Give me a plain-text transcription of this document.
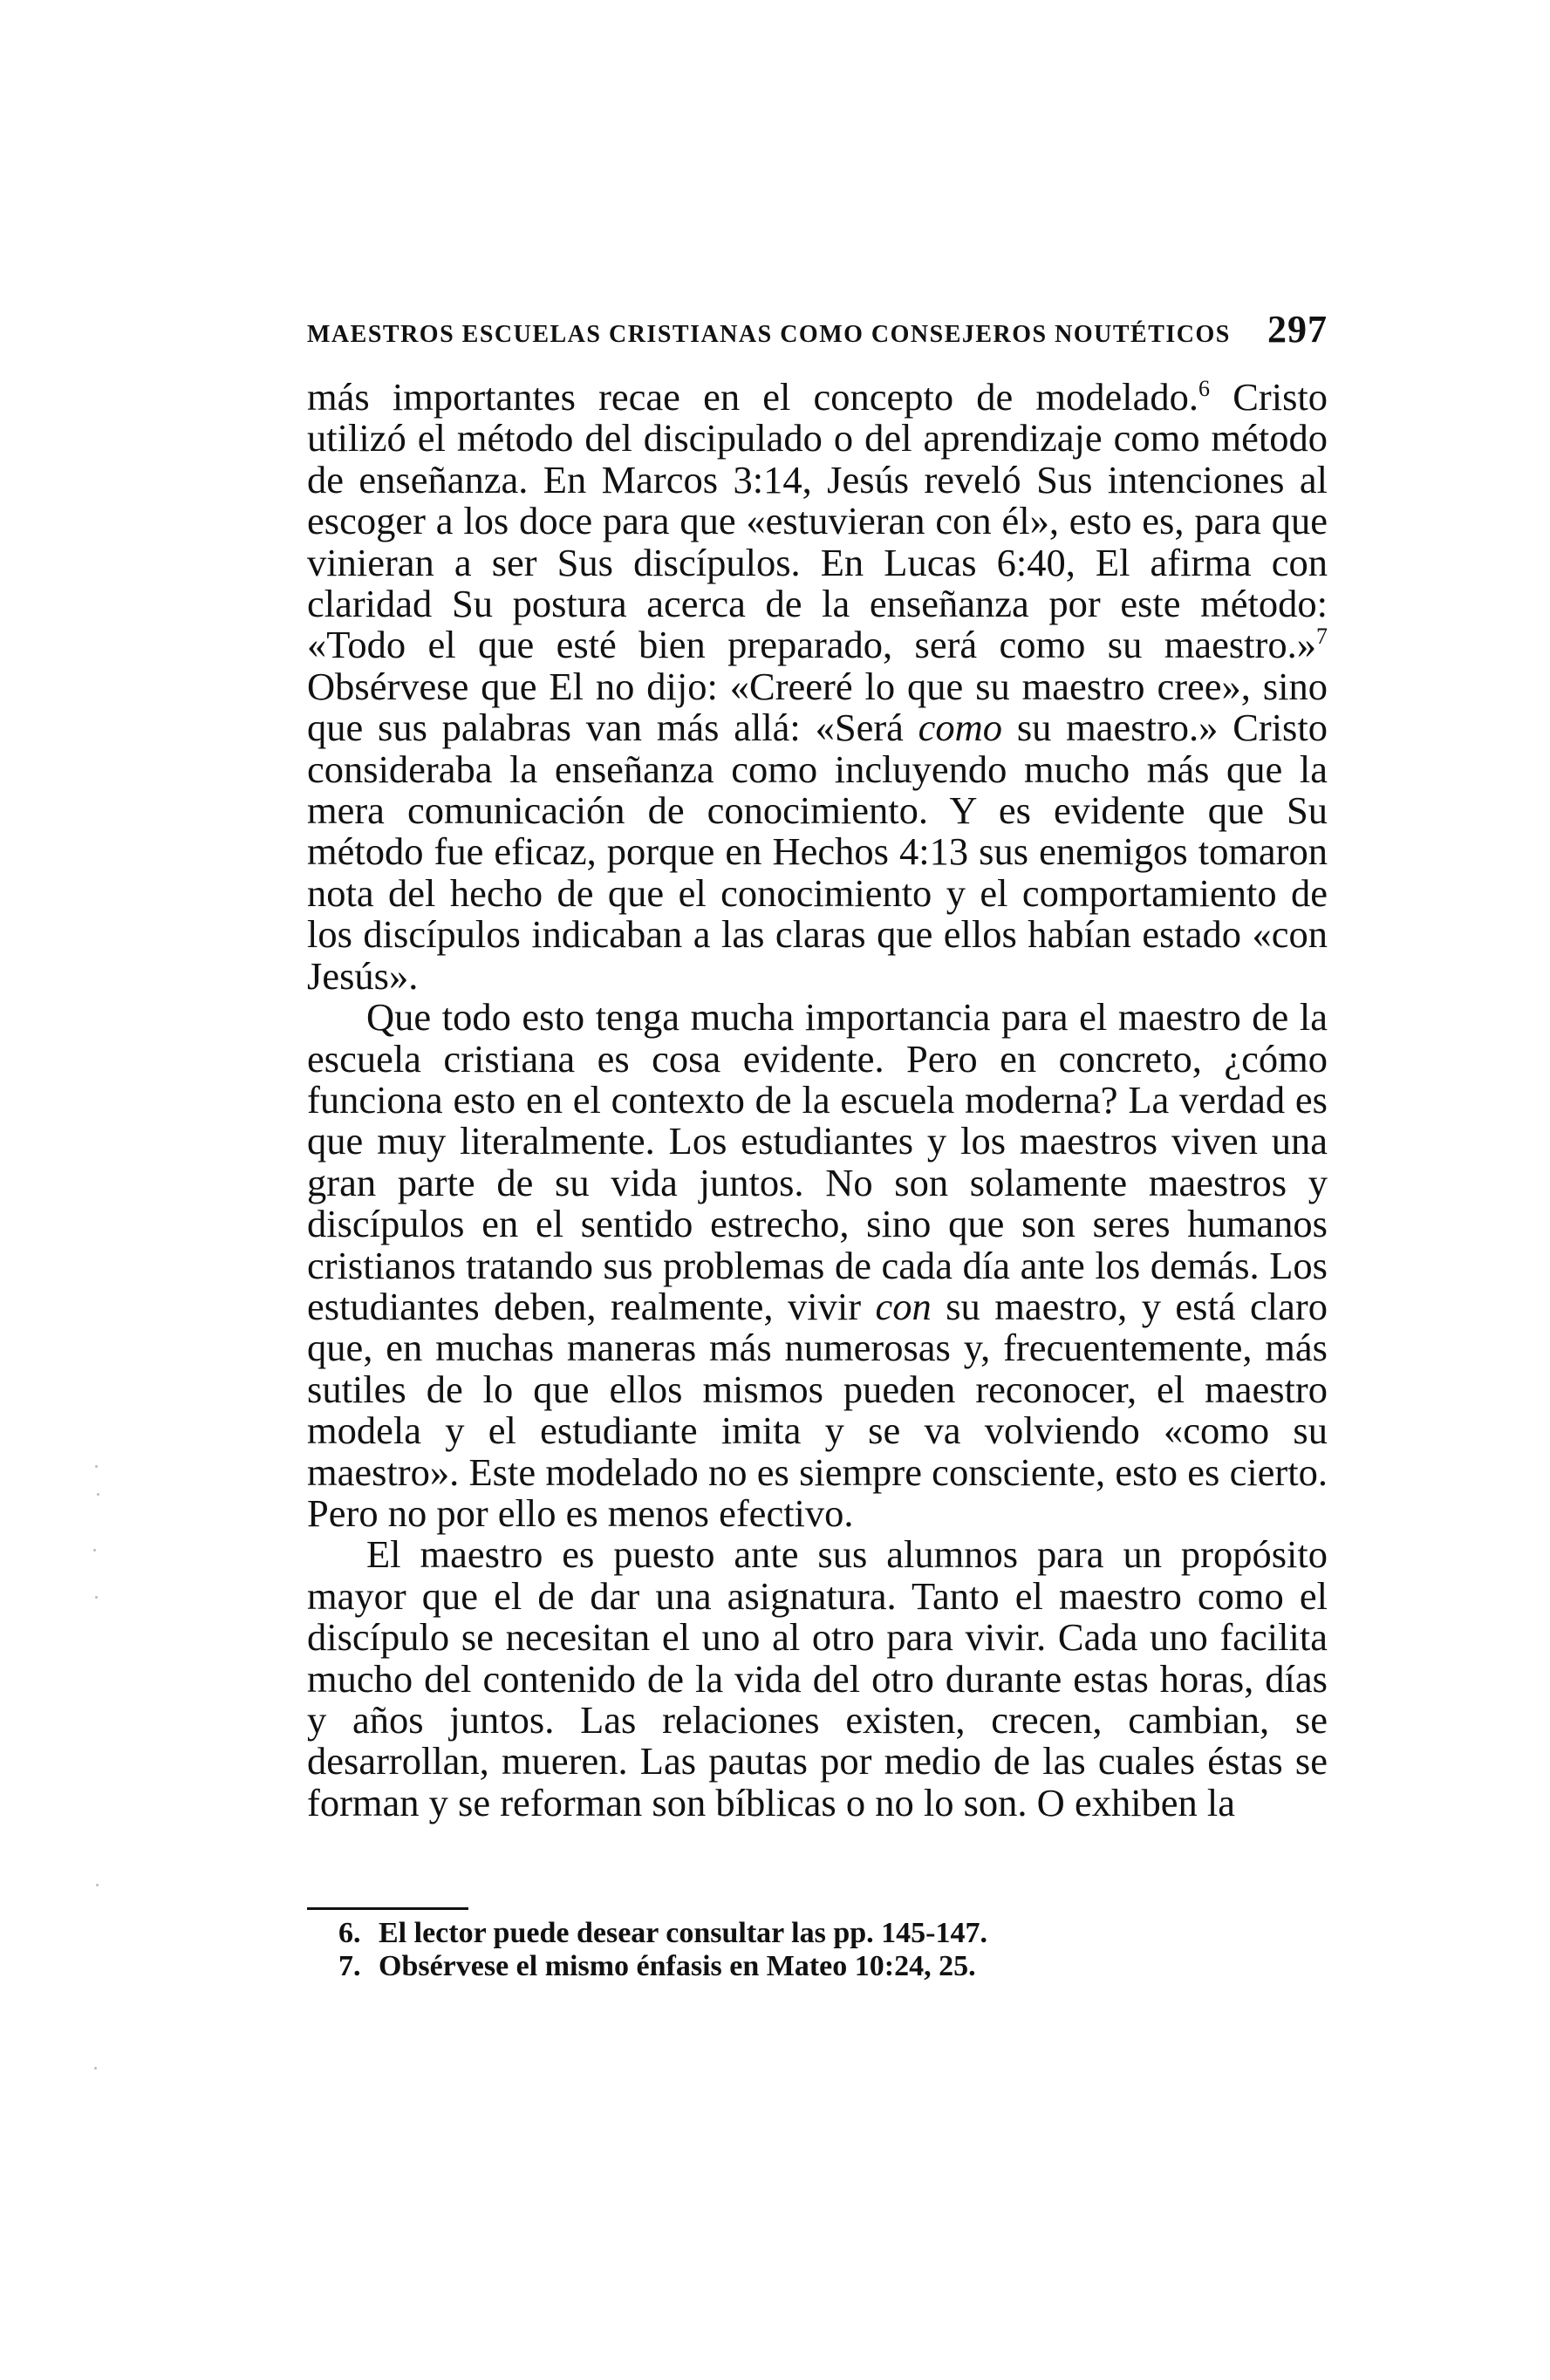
MAESTROS ESCUELAS CRISTIANAS COMO CONSEJEROS NOUTÉTICOS 297

más importantes recae en el concepto de modelado.$^6$ Cristo utilizó el método del discipulado o del aprendizaje como método de enseñanza. En Marcos 3:14, Jesús reveló Sus intenciones al escoger a los doce para que «estuvieran con él», esto es, para que vinieran a ser Sus discípulos. En Lucas 6:40, El afirma con claridad Su postura acerca de la enseñanza por este método: «Todo el que esté bien preparado, será como su maestro.»$^7$ Obsérvese que El no dijo: «Creeré lo que su maestro cree», sino que sus palabras van más allá: «Será como su maestro.» Cristo consideraba la enseñanza como incluyendo mucho más que la mera comunicación de conocimiento. Y es evidente que Su método fue eficaz, porque en Hechos 4:13 sus enemigos tomaron nota del hecho de que el conocimiento y el comportamiento de los discípulos indicaban a las claras que ellos habían estado «con Jesús».

Que todo esto tenga mucha importancia para el maestro de la escuela cristiana es cosa evidente. Pero en concreto, ¿cómo funciona esto en el contexto de la escuela moderna? La verdad es que muy literalmente. Los estudiantes y los maestros viven una gran parte de su vida juntos. No son solamente maestros y discípulos en el sentido estrecho, sino que son seres humanos cristianos tratando sus problemas de cada día ante los demás. Los estudiantes deben, realmente, vivir con su maestro, y está claro que, en muchas maneras más numerosas y, frecuentemente, más sutiles de lo que ellos mismos pueden reconocer, el maestro modela y el estudiante imita y se va volviendo «como su maestro». Este modelado no es siempre consciente, esto es cierto. Pero no por ello es menos efectivo.

El maestro es puesto ante sus alumnos para un propósito mayor que el de dar una asignatura. Tanto el maestro como el discípulo se necesitan el uno al otro para vivir. Cada uno facilita mucho del contenido de la vida del otro durante estas horas, días y años juntos. Las relaciones existen, crecen, cambian, se desarrollan, mueren. Las pautas por medio de las cuales éstas se forman y se reforman son bíblicas o no lo son. O exhiben la

6. El lector puede desear consultar las pp. 145-147.

7. Obsérvese el mismo énfasis en Mateo 10:24, 25.
